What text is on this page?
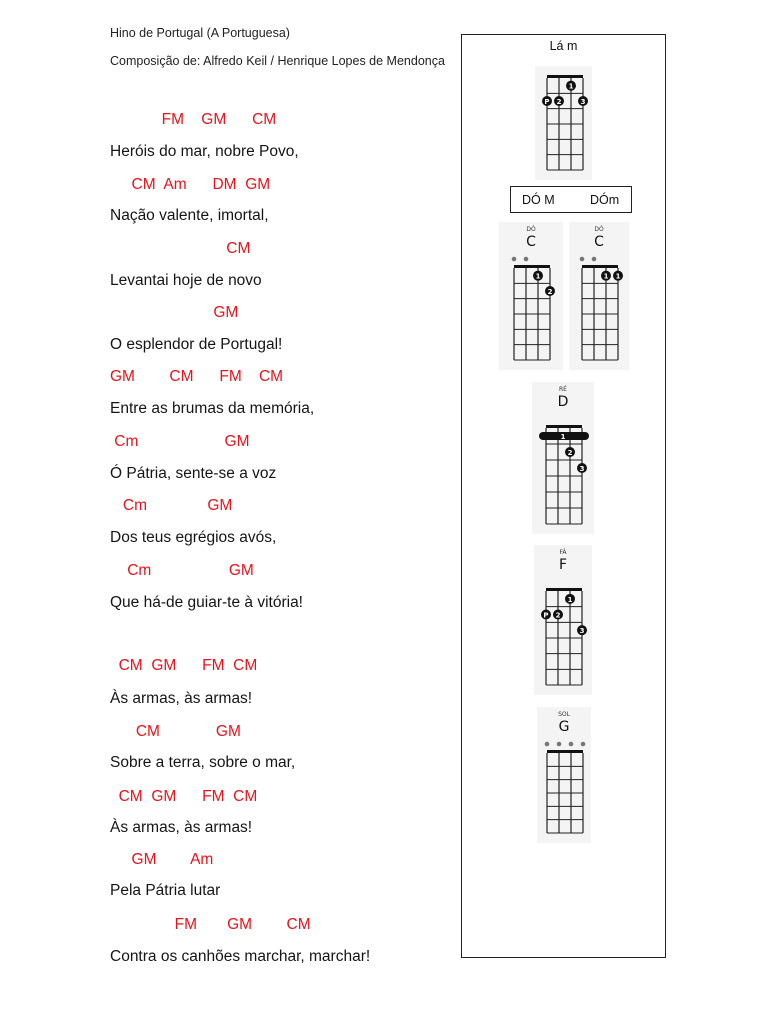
Hino de Portugal (A Portuguesa)
Composição de: Alfredo Keil / Henrique Lopes de Mendonça
FM    GM      CM
Heróis do mar, nobre Povo,
CM  Am      DM  GM
Nação valente, imortal,
CM
Levantai hoje de novo
GM
O esplendor de Portugal!
GM        CM      FM    CM
Entre as brumas da memória,
Cm                    GM
Ó Pátria, sente-se a voz
Cm              GM
Dos teus egrégios avós,
Cm                  GM
Que há-de guiar-te à vitória!
CM  GM      FM  CM
Às armas, às armas!
CM             GM
Sobre a terra, sobre o mar,
CM  GM      FM  CM
Às armas, às armas!
GM        Am
Pela Pátria lutar
FM       GM        CM
Contra os canhões marchar, marchar!
Lá m
DÓ M	DÓm
1
2	3
P
DÓ
C
1
2
DÓ
C
1 1
RÉ
D
1
2
3
FÁ
F
1
2
3
P
SOL
G
